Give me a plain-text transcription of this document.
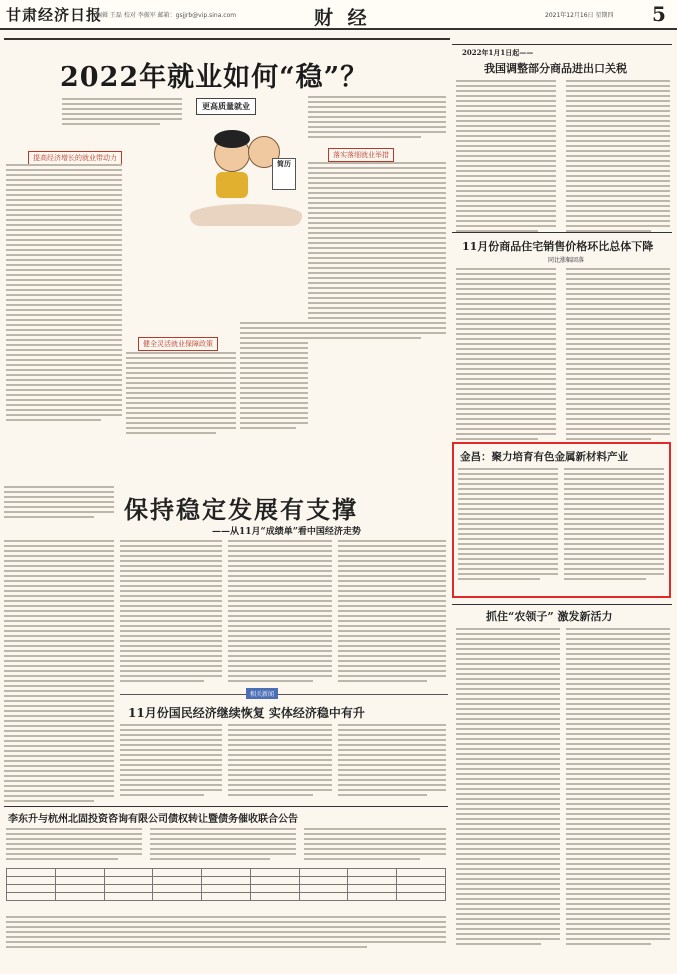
甘肃经济日报
编辑 王磊 校对 李振军 邮箱：gsjjrb@vip.sina.com	财 经	2021年12月16日 星期四 5
2022年就业如何“稳”？
更高质量就业
简历
落实落细就业举措
提高经济增长的就业带动力
健全灵活就业保障政策
2022年1月1日起——
我国调整部分商品进出口关税
11月份商品住宅销售价格环比总体下降
同比涨幅回落
金昌：聚力培育有色金属新材料产业
保持稳定发展有支撑
——从11月“成绩单”看中国经济走势
相关新闻
11月份国民经济继续恢复 实体经济稳中有升
抓住“农领子” 激发新活力
李东升与杭州北固投资咨询有限公司债权转让暨债务催收联合公告
